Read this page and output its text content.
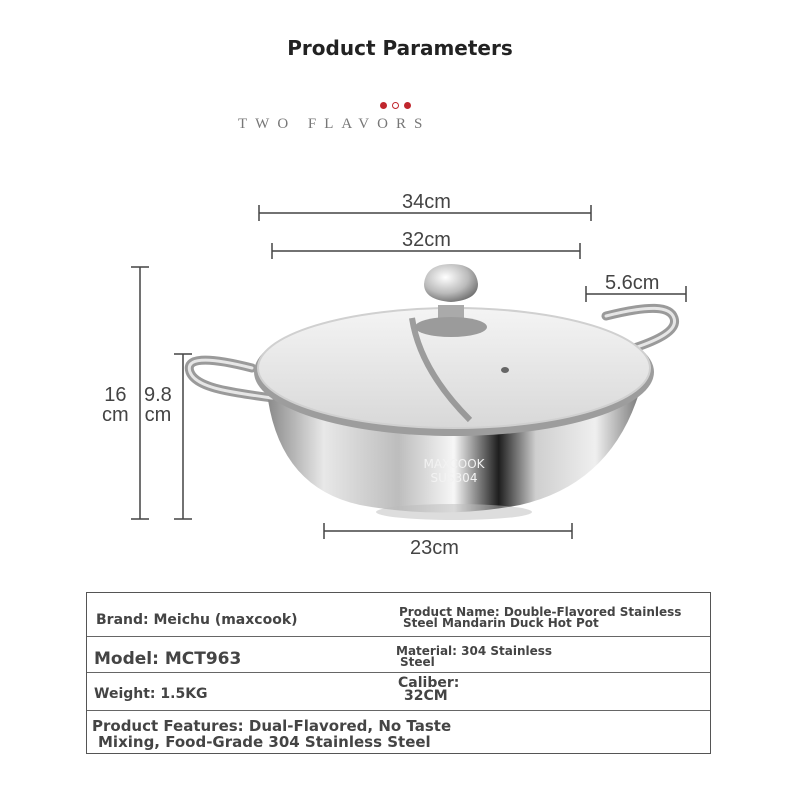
Product Parameters
TWO FLAVORS
MAXCOOK
SUS304
34cm
32cm
5.6cm
16
cm
9.8
cm
23cm
Brand: Meichu (maxcook)	Product Name: Double-Flavored Stainless
Steel Mandarin Duck Hot Pot
Model: MCT963	Material: 304 Stainless
Steel
Weight: 1.5KG
Caliber:
32CM
Product Features: Dual-Flavored, No Taste
Mixing, Food-Grade 304 Stainless Steel
